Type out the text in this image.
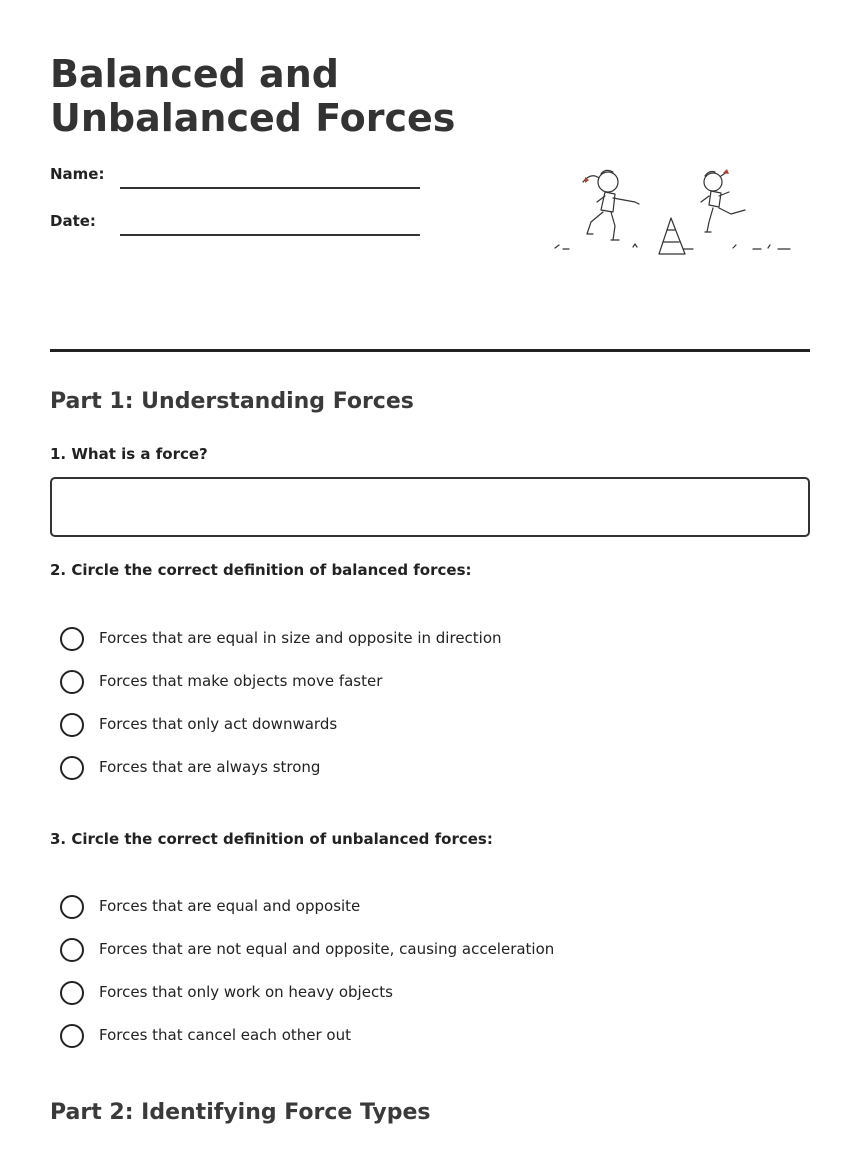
Balanced and
Unbalanced Forces
Name:
Date:
Part 1: Understanding Forces

1. What is a force?

2. Circle the correct definition of balanced forces:

Forces that are equal in size and opposite in direction
Forces that make objects move faster
Forces that only act downwards
Forces that are always strong

3. Circle the correct definition of unbalanced forces:

Forces that are equal and opposite
Forces that are not equal and opposite, causing acceleration
Forces that only work on heavy objects
Forces that cancel each other out
Part 2: Identifying Force Types
